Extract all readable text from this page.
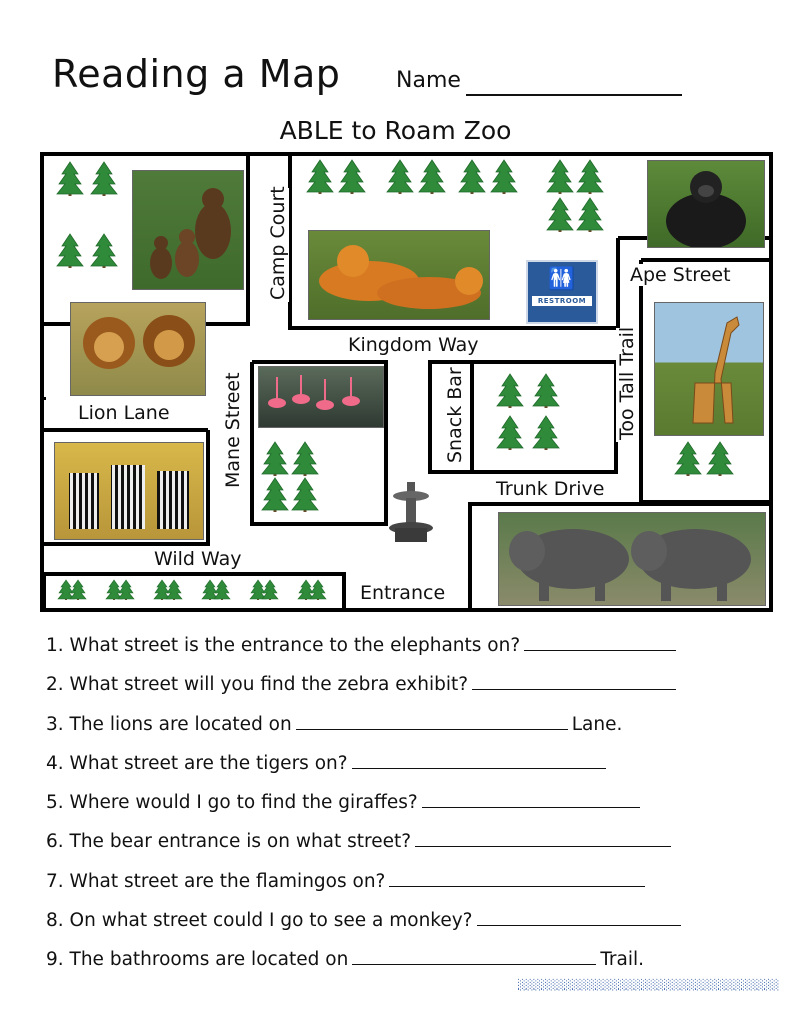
Reading a Map	Name
ABLE to Roam Zoo
🚻
RESTROOM
Camp Court	Ape Street
Kingdom Way	Too Tall Trail
Lion Lane	Mane Street	Snack Bar
Trunk Drive
Wild Way
Entrance
1. What street is the entrance to the elephants on?
2. What street will you find the zebra exhibit?
3. The lions are located on	Lane.
4. What street are the tigers on?
5. Where would I go to find the giraffes?
6. The bear entrance is on what street?
7. What street are the flamingos on?
8. On what street could I go to see a monkey?
9. The bathrooms are located on	Trail.
░░░░░░░░░░░░░░░░░░░░░░░░░░░░░░░░░░
